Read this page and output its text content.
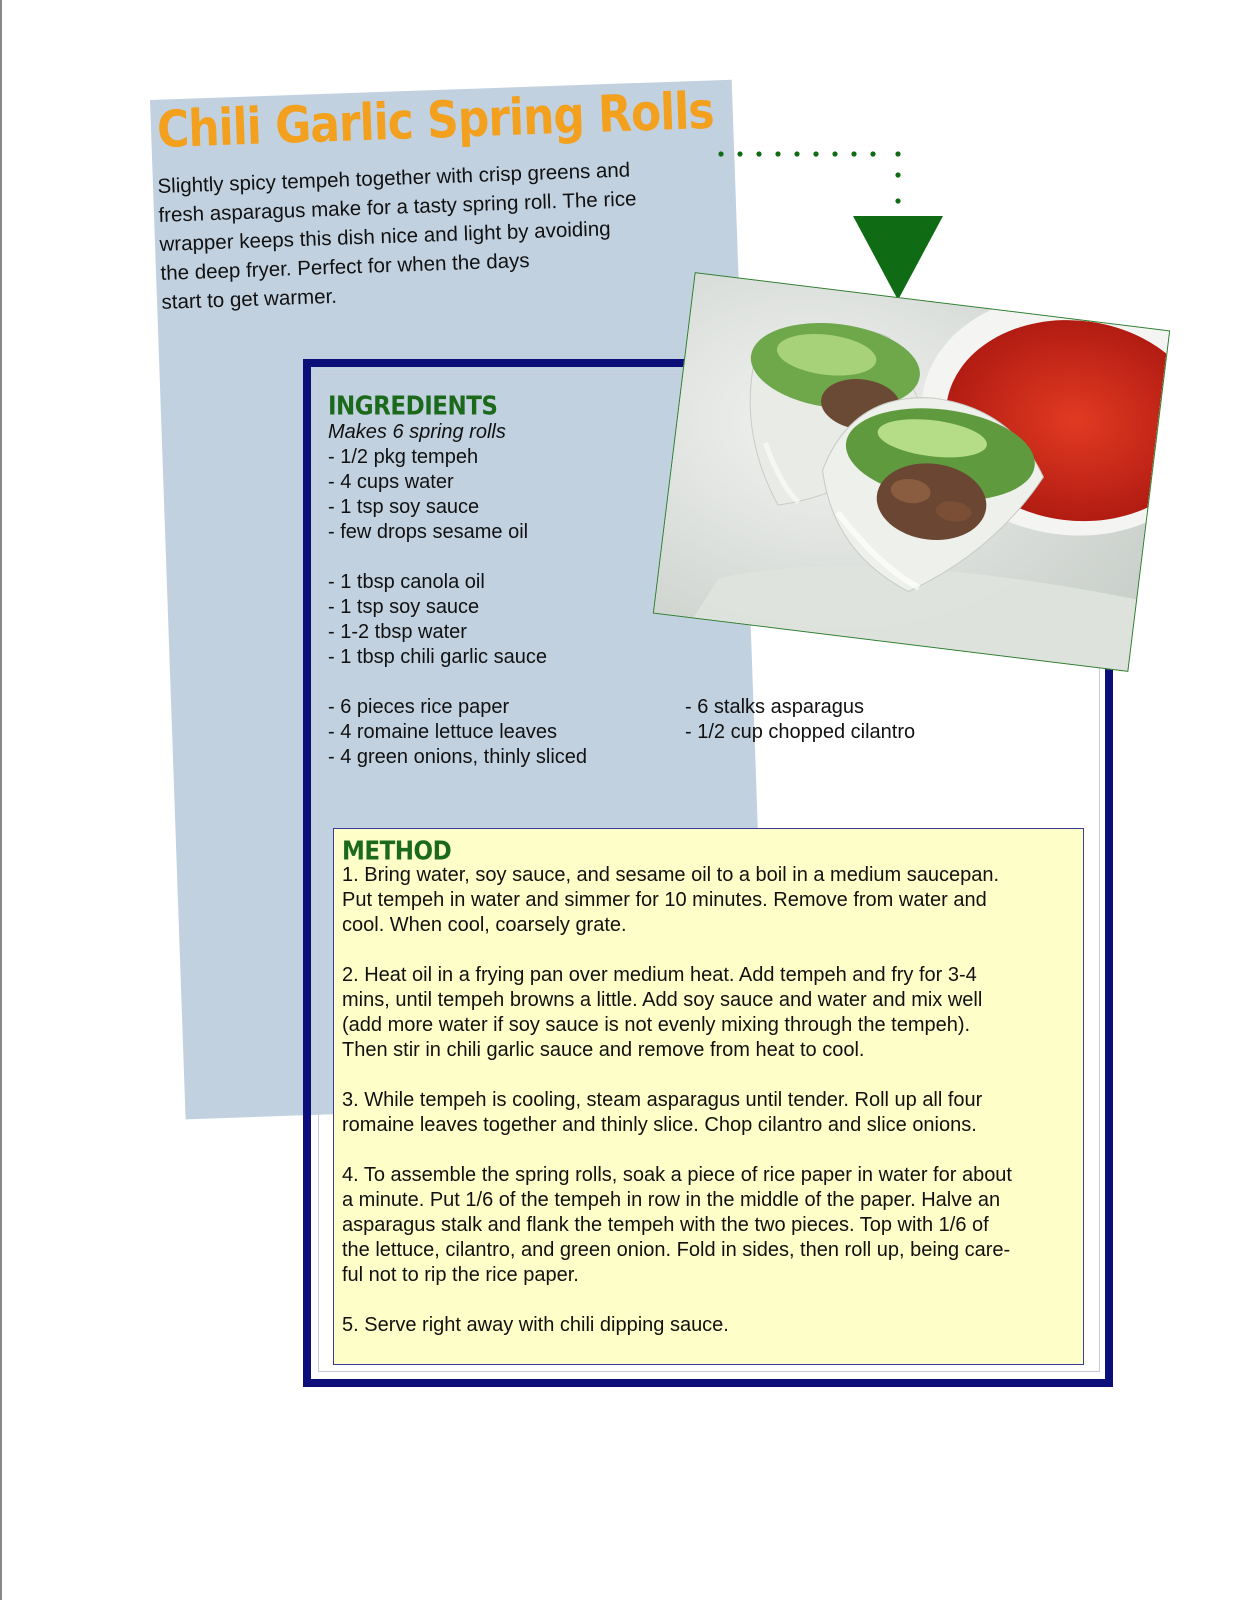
Chili Garlic Spring Rolls
Slightly spicy tempeh together with crisp greens and
fresh asparagus make for a tasty spring roll. The rice
wrapper keeps this dish nice and light by avoiding
the deep fryer. Perfect for when the days
start to get warmer.
INGREDIENTS
Makes 6 spring rolls
- 1/2 pkg tempeh
- 4 cups water
- 1 tsp soy sauce
- few drops sesame oil
- 1 tbsp canola oil
- 1 tsp soy sauce
- 1-2 tbsp water
- 1 tbsp chili garlic sauce
- 6 pieces rice paper
- 4 romaine lettuce leaves
- 4 green onions, thinly sliced
- 6 stalks asparagus
- 1/2 cup chopped cilantro
METHOD

1. Bring water, soy sauce, and sesame oil to a boil in a medium saucepan.
Put tempeh in water and simmer for 10 minutes. Remove from water and
cool. When cool, coarsely grate.

2. Heat oil in a frying pan over medium heat. Add tempeh and fry for 3-4
mins, until tempeh browns a little. Add soy sauce and water and mix well
(add more water if soy sauce is not evenly mixing through the tempeh).
Then stir in chili garlic sauce and remove from heat to cool.

3. While tempeh is cooling, steam asparagus until tender. Roll up all four
romaine leaves together and thinly slice. Chop cilantro and slice onions.

4. To assemble the spring rolls, soak a piece of rice paper in water for about
a minute. Put 1/6 of the tempeh in row in the middle of the paper. Halve an
asparagus stalk and flank the tempeh with the two pieces. Top with 1/6 of
the lettuce, cilantro, and green onion. Fold in sides, then roll up, being care-
ful not to rip the rice paper.

5. Serve right away with chili dipping sauce.
